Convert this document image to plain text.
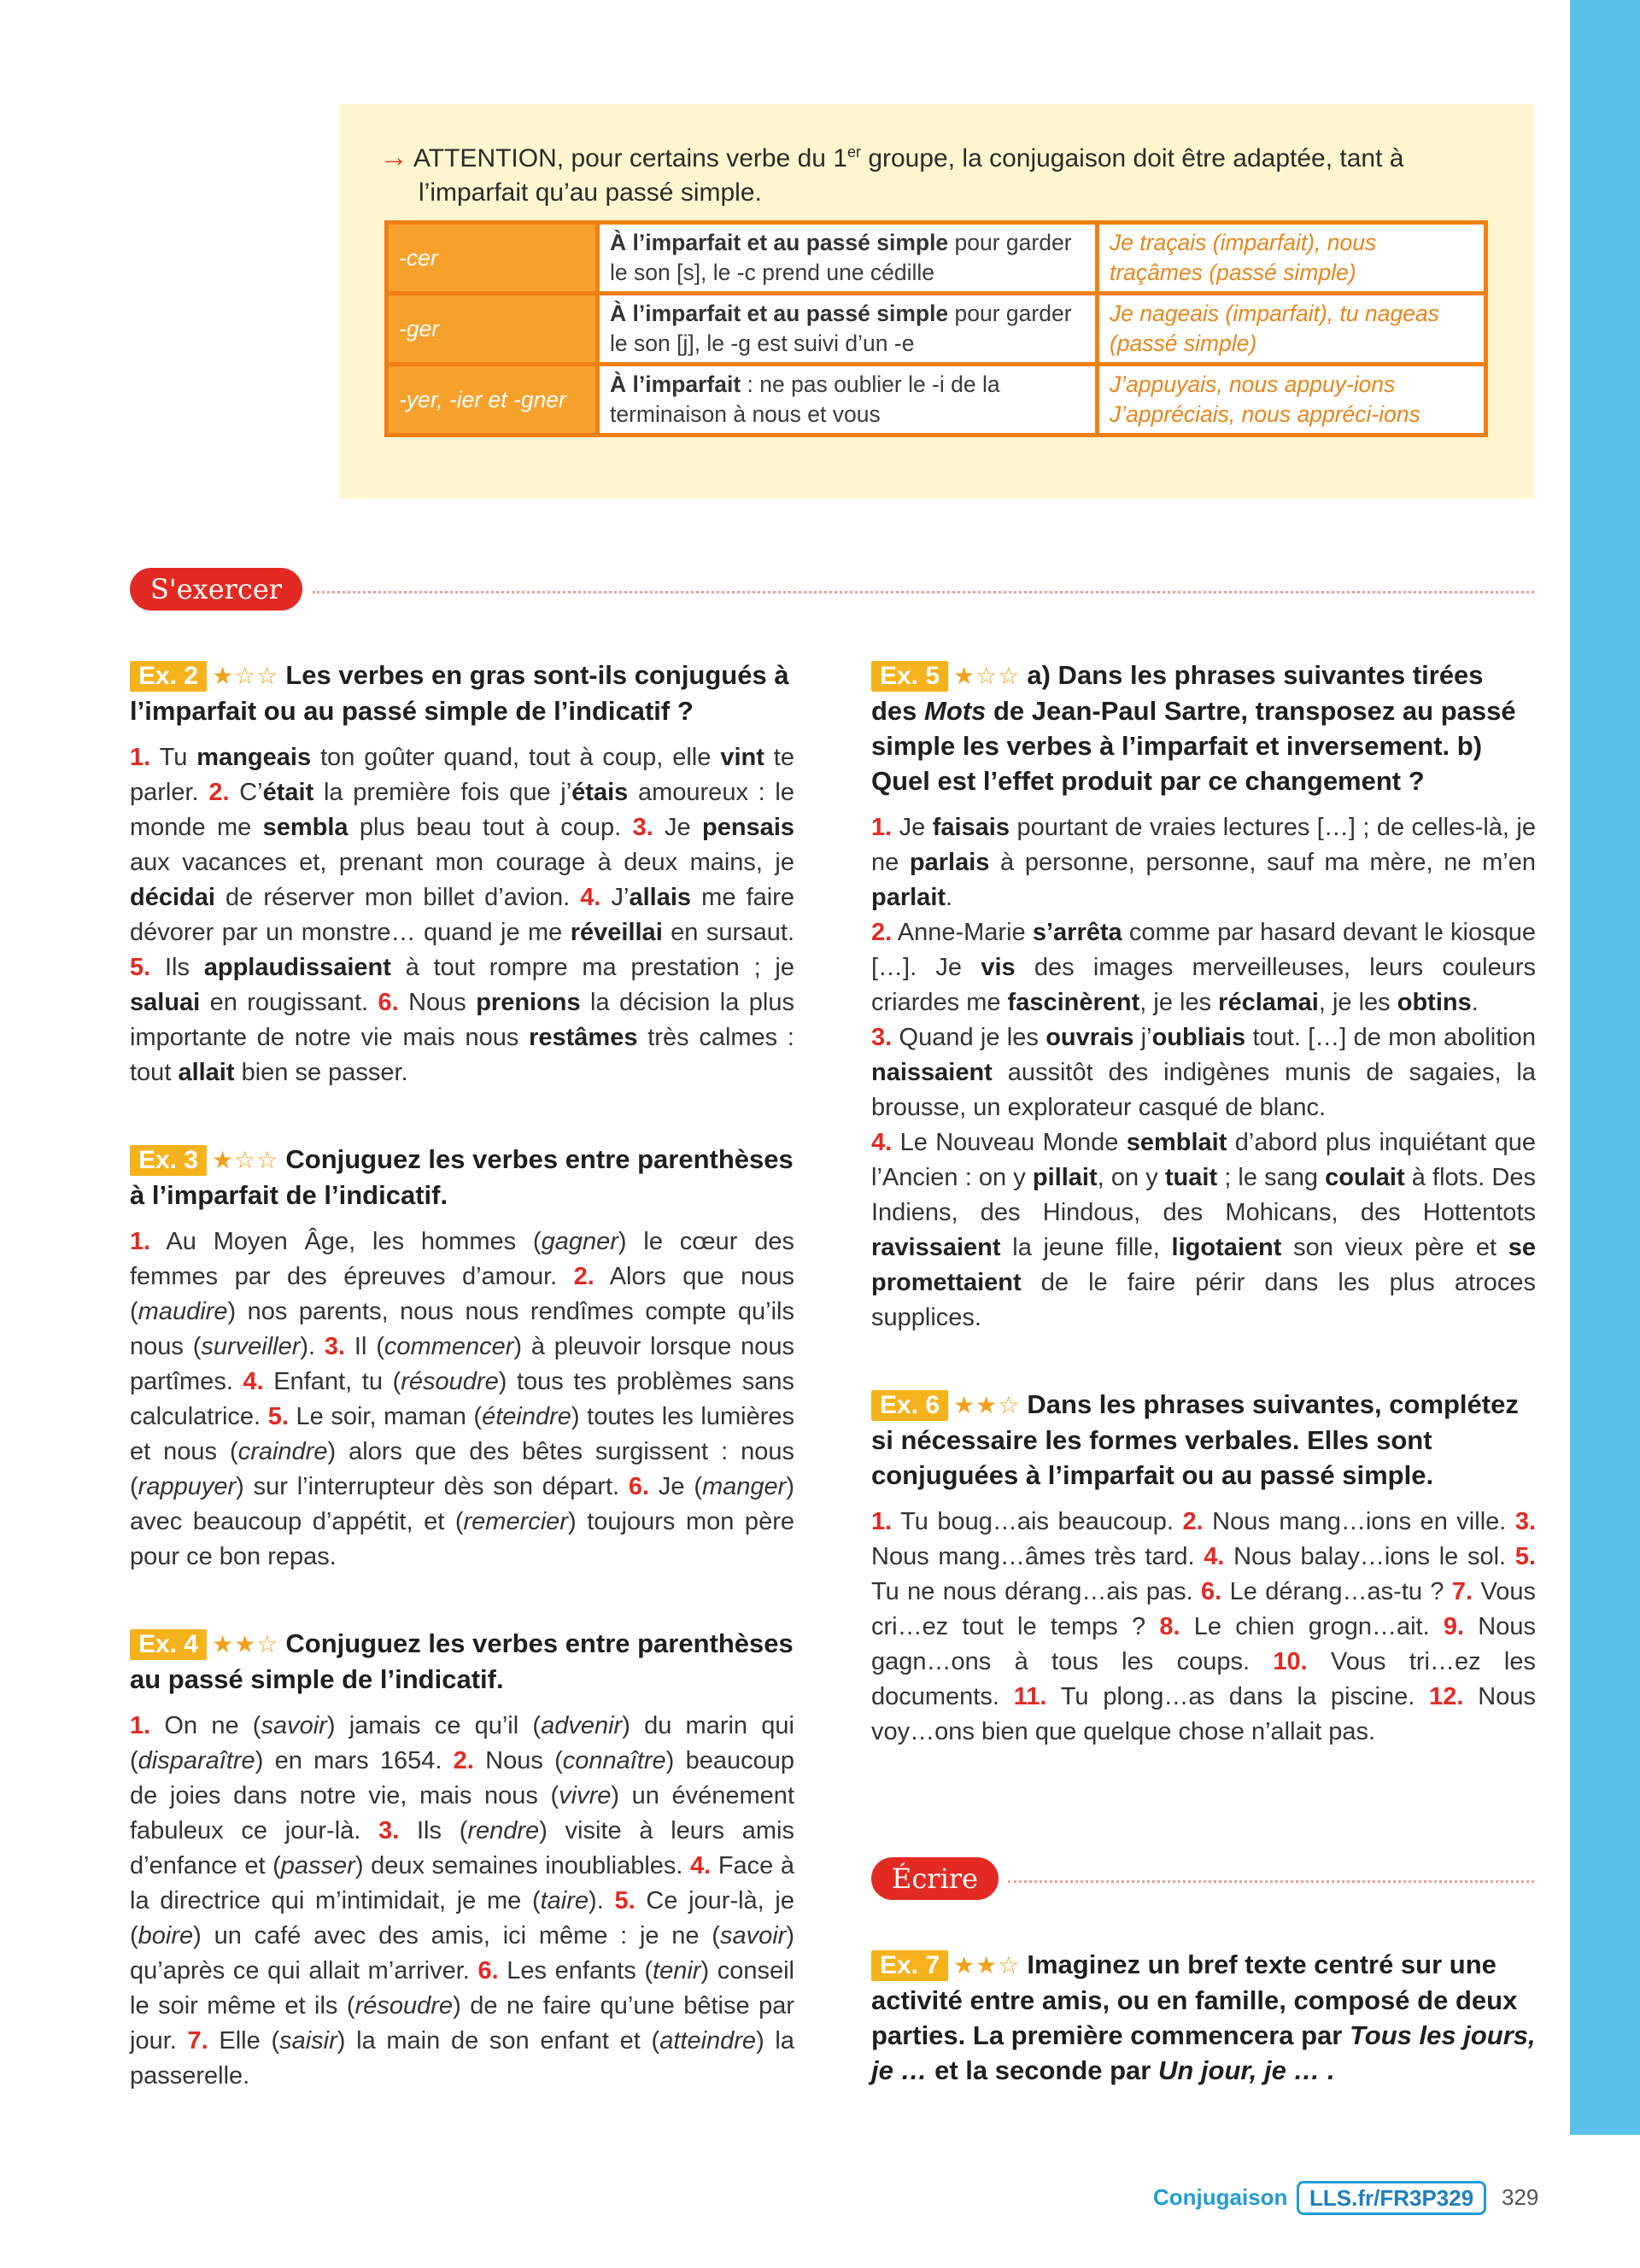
→ ATTENTION, pour certains verbe du 1er groupe, la conjugaison doit être adaptée, tant à
l’imparfait qu’au passé simple.
-cer	À l’imparfait et au passé simple pour garder le son [s], le -c prend une cédille	Je traçais (imparfait), nous traçâmes (passé simple)
-ger	À l’imparfait et au passé simple pour garder le son [j], le -g est suivi d’un -e	Je nageais (imparfait), tu nageas (passé simple)
-yer, -ier et -gner	À l’imparfait : ne pas oublier le -i de la terminaison à nous et vous	J’appuyais, nous appuy-ions J’appréciais, nous appréci-ions
S'exercer
Ex. 2 ★☆☆ Les verbes en gras sont-ils conjugués à l’imparfait ou au passé simple de l’indicatif ?
1. Tu mangeais ton goûter quand, tout à coup, elle vint te parler. 2. C’était la première fois que j’étais amoureux : le monde me sembla plus beau tout à coup. 3. Je pensais aux vacances et, prenant mon courage à deux mains, je décidai de réserver mon billet d’avion. 4. J’allais me faire dévorer par un monstre… quand je me réveillai en sursaut. 5. Ils applaudissaient à tout rompre ma prestation ; je saluai en rougissant. 6. Nous prenions la décision la plus importante de notre vie mais nous restâmes très calmes : tout allait bien se passer.
Ex. 3 ★☆☆ Conjuguez les verbes entre parenthèses à l’imparfait de l’indicatif.
1. Au Moyen Âge, les hommes (gagner) le cœur des femmes par des épreuves d’amour. 2. Alors que nous (maudire) nos parents, nous nous rendîmes compte qu’ils nous (surveiller). 3. Il (commencer) à pleuvoir lorsque nous partîmes. 4. Enfant, tu (résoudre) tous tes problèmes sans calculatrice. 5. Le soir, maman (éteindre) toutes les lumières et nous (craindre) alors que des bêtes surgissent : nous (rappuyer) sur l’interrupteur dès son départ. 6. Je (manger) avec beaucoup d’appétit, et (remercier) toujours mon père pour ce bon repas.
Ex. 4 ★★☆ Conjuguez les verbes entre parenthèses au passé simple de l’indicatif.
1. On ne (savoir) jamais ce qu’il (advenir) du marin qui (disparaître) en mars 1654. 2. Nous (connaître) beaucoup de joies dans notre vie, mais nous (vivre) un événement fabuleux ce jour-là. 3. Ils (rendre) visite à leurs amis d’enfance et (passer) deux semaines inoubliables. 4. Face à la directrice qui m’intimidait, je me (taire). 5. Ce jour-là, je (boire) un café avec des amis, ici même : je ne (savoir) qu’après ce qui allait m’arriver. 6. Les enfants (tenir) conseil le soir même et ils (résoudre) de ne faire qu’une bêtise par jour. 7. Elle (saisir) la main de son enfant et (atteindre) la passerelle.
Ex. 5 ★☆☆ a) Dans les phrases suivantes tirées des Mots de Jean-Paul Sartre, transposez au passé simple les verbes à l’imparfait et inversement. b) Quel est l’effet produit par ce changement ?
1. Je faisais pourtant de vraies lectures […] ; de celles-là, je ne parlais à personne, personne, sauf ma mère, ne m’en parlait.
2. Anne-Marie s’arrêta comme par hasard devant le kiosque […]. Je vis des images merveilleuses, leurs couleurs criardes me fascinèrent, je les réclamai, je les obtins.
3. Quand je les ouvrais j’oubliais tout. […] de mon abolition naissaient aussitôt des indigènes munis de sagaies, la brousse, un explorateur casqué de blanc.
4. Le Nouveau Monde semblait d’abord plus inquiétant que l’Ancien : on y pillait, on y tuait ; le sang coulait à flots. Des Indiens, des Hindous, des Mohicans, des Hottentots ravissaient la jeune fille, ligotaient son vieux père et se promettaient de le faire périr dans les plus atroces supplices.
Ex. 6 ★★☆ Dans les phrases suivantes, complétez si nécessaire les formes verbales. Elles sont conjuguées à l’imparfait ou au passé simple.
1. Tu boug…ais beaucoup. 2. Nous mang…ions en ville. 3. Nous mang…âmes très tard. 4. Nous balay…ions le sol. 5. Tu ne nous dérang…ais pas. 6. Le dérang…as-tu ? 7. Vous cri…ez tout le temps ? 8. Le chien grogn…ait. 9. Nous gagn…ons à tous les coups. 10. Vous tri…ez les documents. 11. Tu plong…as dans la piscine. 12. Nous voy…ons bien que quelque chose n’allait pas.
Écrire
Ex. 7 ★★☆ Imaginez un bref texte centré sur une activité entre amis, ou en famille, composé de deux parties. La première commencera par Tous les jours, je … et la seconde par Un jour, je … .
Conjugaison LLS.fr/FR3P329	329
